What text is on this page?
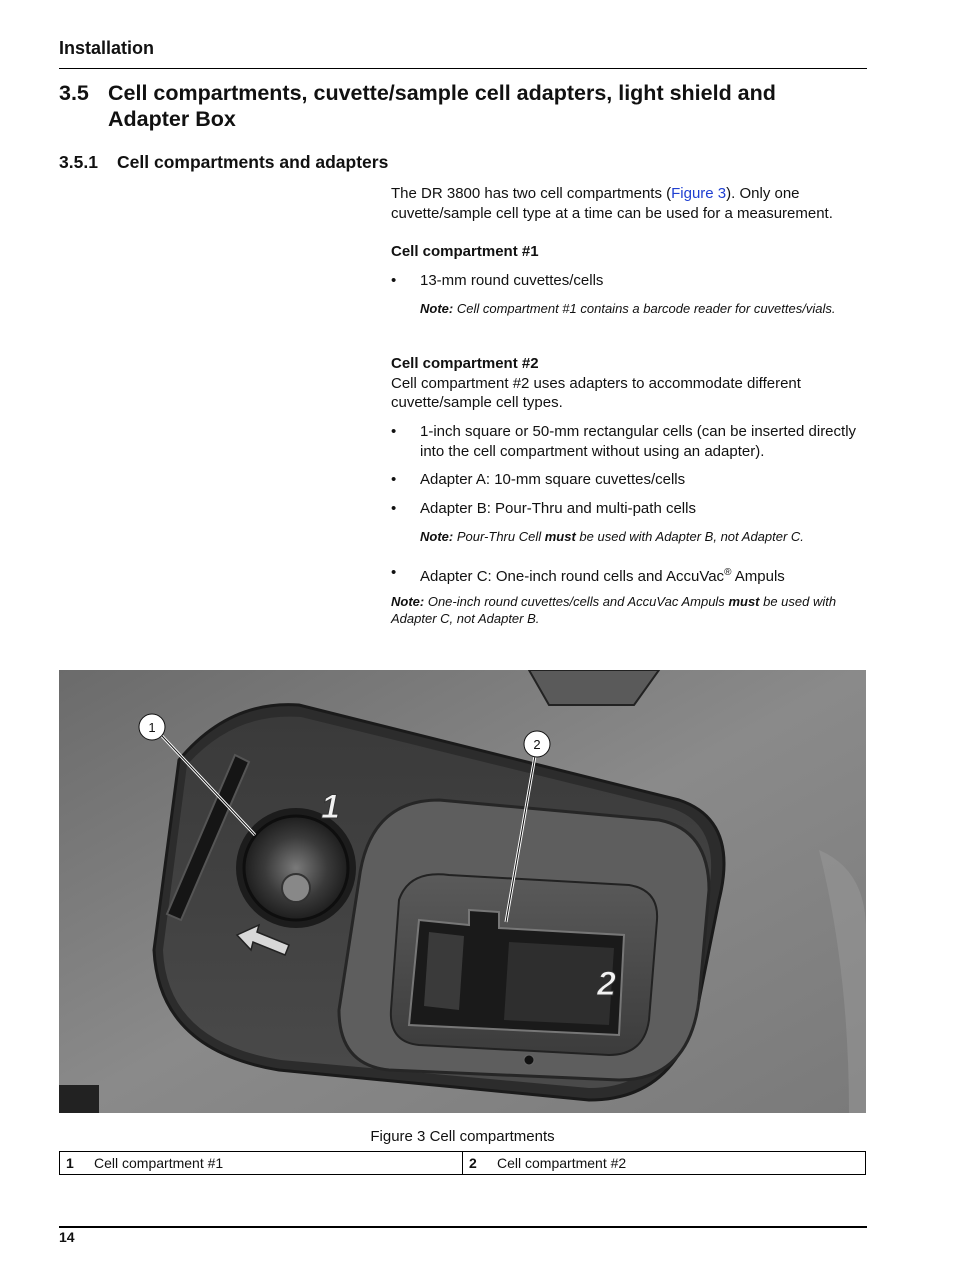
Installation
3.5 Cell compartments, cuvette/sample cell adapters, light shield and Adapter Box
3.5.1 Cell compartments and adapters

The DR 3800 has two cell compartments (Figure 3). Only one cuvette/sample cell type at a time can be used for a measurement.

Cell compartment #1

• 13-mm round cuvettes/cells

Note: Cell compartment #1 contains a barcode reader for cuvettes/vials.

Cell compartment #2

Cell compartment #2 uses adapters to accommodate different cuvette/sample cell types.

• 1-inch square or 50-mm rectangular cells (can be inserted directly into the cell compartment without using an adapter).

• Adapter A: 10-mm square cuvettes/cells

• Adapter B: Pour-Thru and multi-path cells

Note: Pour-Thru Cell must be used with Adapter B, not Adapter C.

• Adapter C: One-inch round cells and AccuVac® Ampuls

Note: One-inch round cuvettes/cells and AccuVac Ampuls must be used with Adapter C, not Adapter B.

1
2
1
2
Figure 3 Cell compartments
1 Cell compartment #1	2 Cell compartment #2
14
